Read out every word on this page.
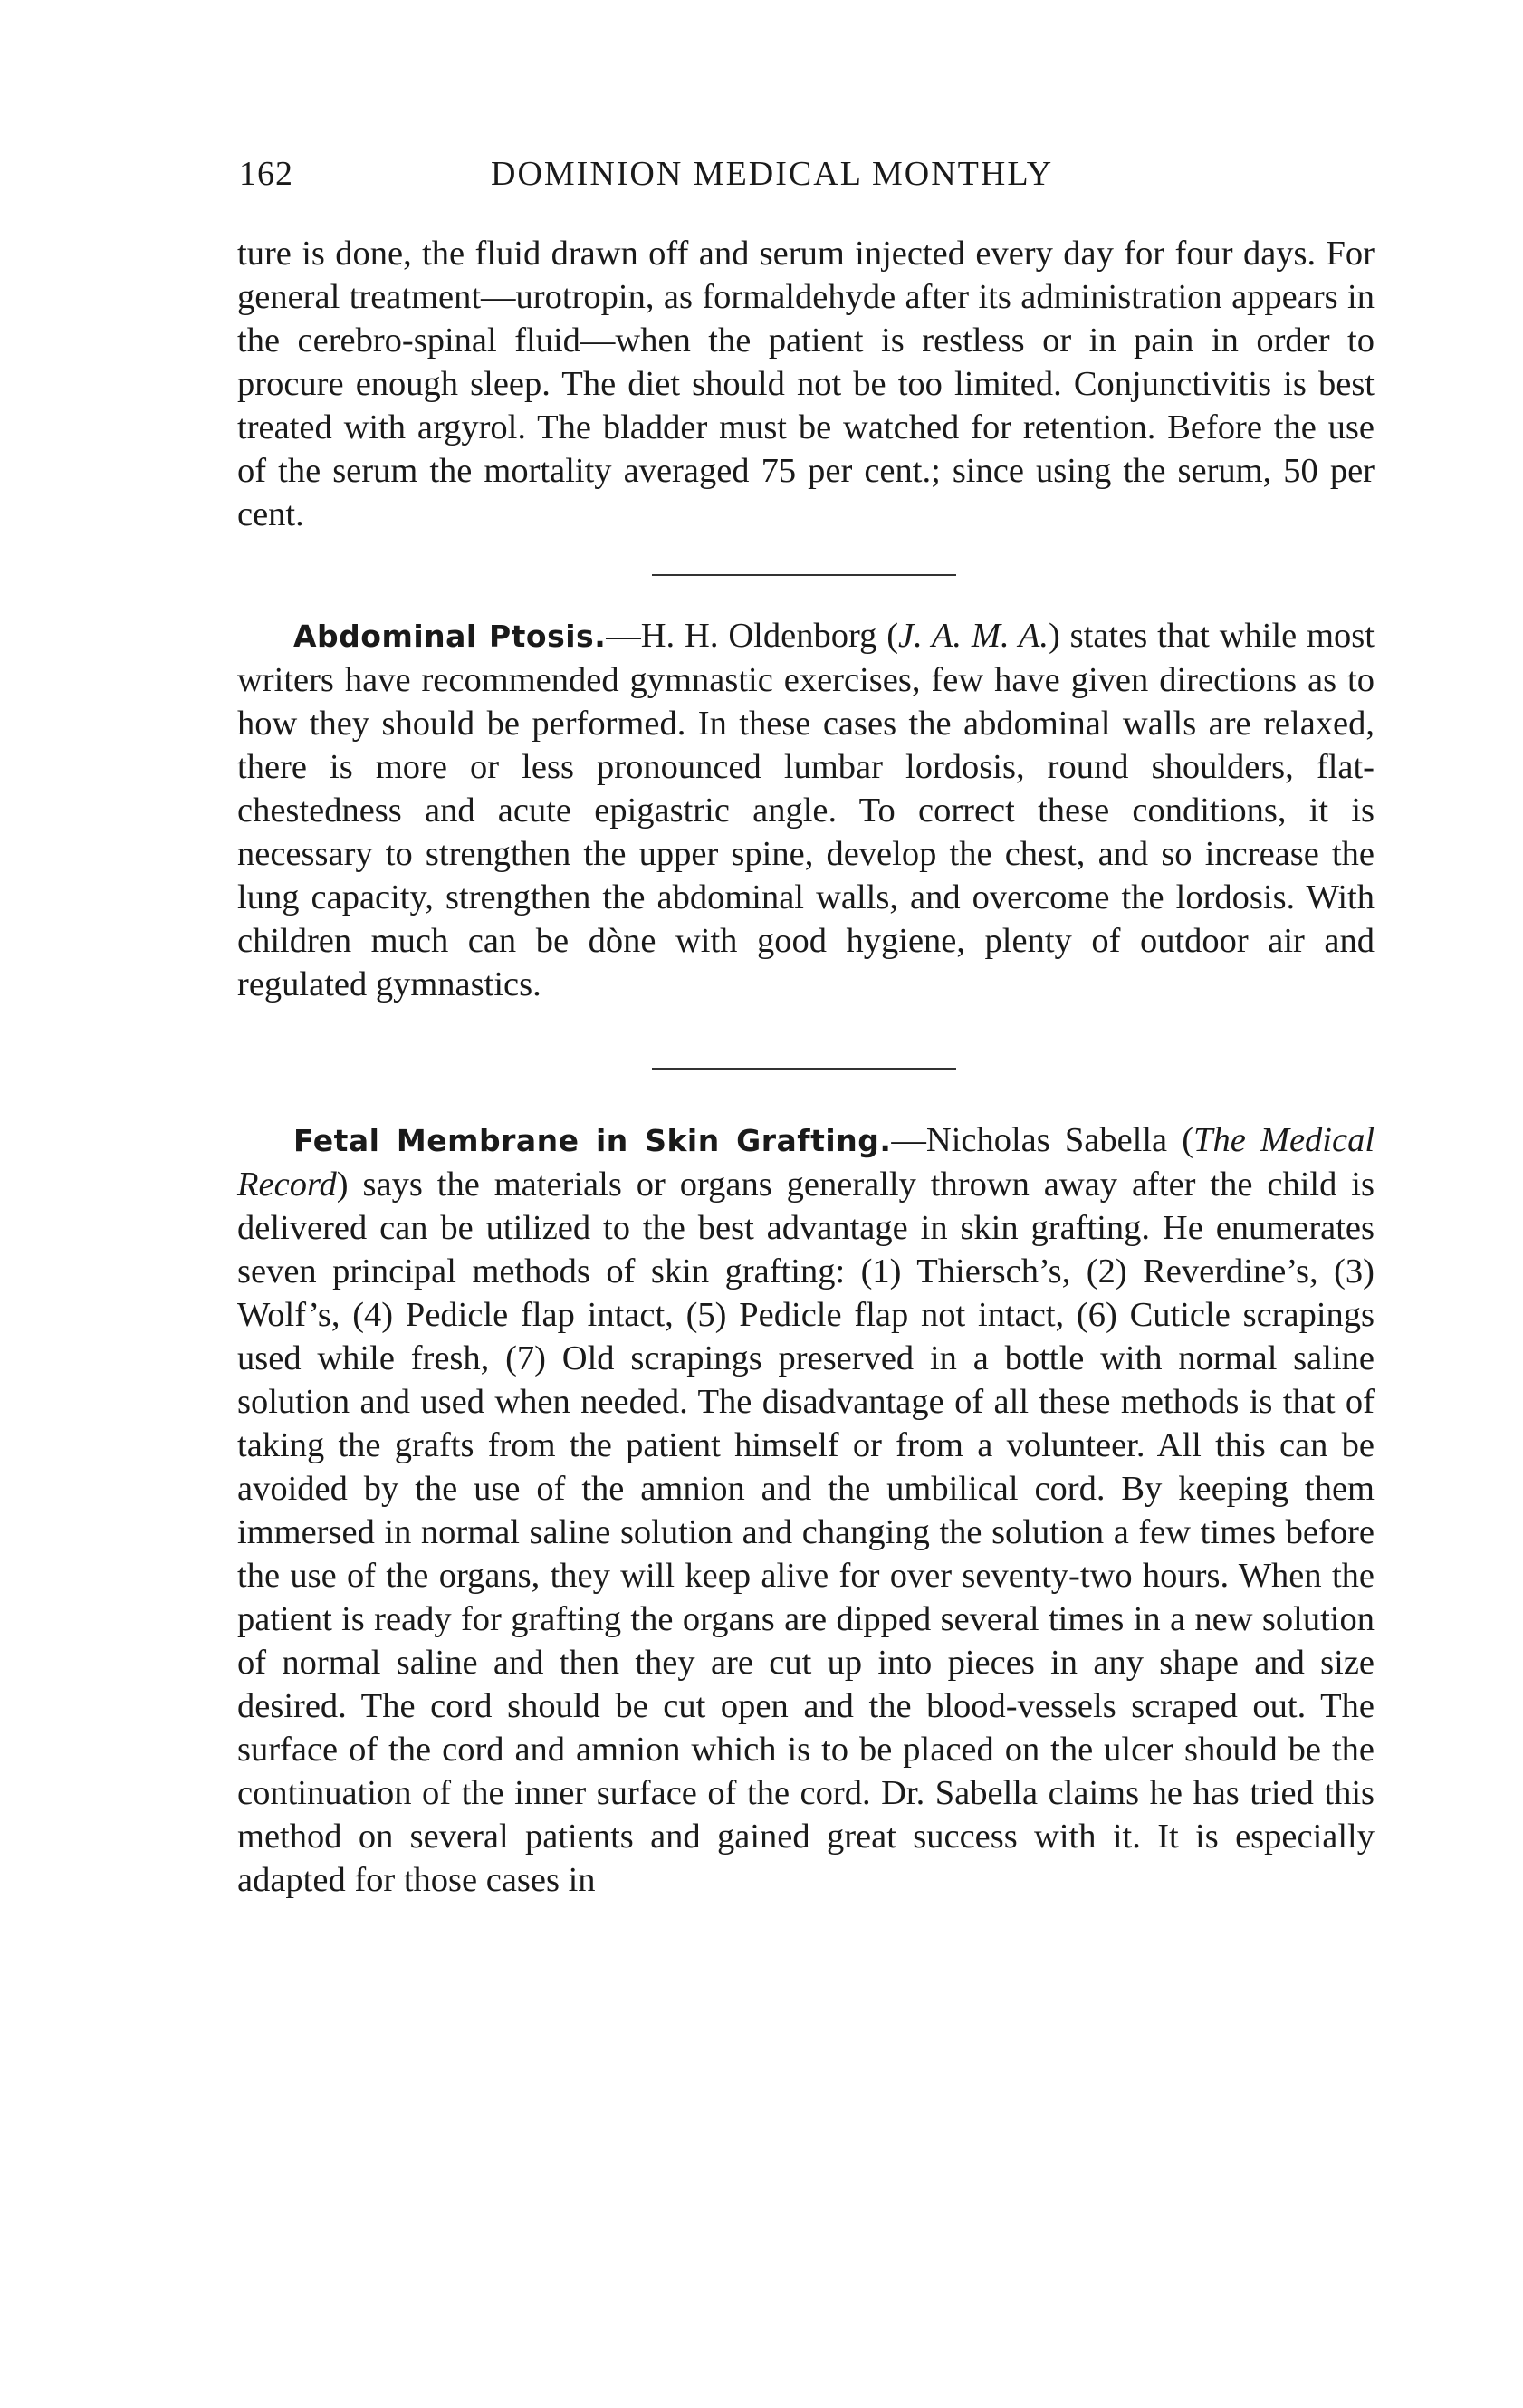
162	DOMINION MEDICAL MONTHLY

ture is done, the fluid drawn off and serum injected every day for four days. For general treatment—urotropin, as formaldehyde after its administration appears in the cerebro-spinal fluid—when the patient is restless or in pain in order to procure enough sleep. The diet should not be too limited. Conjunctivitis is best treated with argyrol. The bladder must be watched for retention. Before the use of the serum the mortality averaged 75 per cent.; since using the serum, 50 per cent.

Abdominal Ptosis.—H. H. Oldenborg (J. A. M. A.) states that while most writers have recommended gymnastic exercises, few have given directions as to how they should be performed. In these cases the abdominal walls are relaxed, there is more or less pronounced lumbar lordosis, round shoulders, flat-chestedness and acute epigastric angle. To correct these conditions, it is necessary to strengthen the upper spine, develop the chest, and so increase the lung capacity, strengthen the abdominal walls, and overcome the lordosis. With children much can be dòne with good hygiene, plenty of outdoor air and regulated gymnastics.

Fetal Membrane in Skin Grafting.—Nicholas Sabella (The Medical Record) says the materials or organs generally thrown away after the child is delivered can be utilized to the best advantage in skin grafting. He enumerates seven principal methods of skin grafting: (1) Thiersch’s, (2) Reverdine’s, (3) Wolf’s, (4) Pedicle flap intact, (5) Pedicle flap not intact, (6) Cuticle scrapings used while fresh, (7) Old scrapings preserved in a bottle with normal saline solution and used when needed. The disadvantage of all these methods is that of taking the grafts from the patient himself or from a volunteer. All this can be avoided by the use of the amnion and the umbilical cord. By keeping them immersed in normal saline solution and changing the solution a few times before the use of the organs, they will keep alive for over seventy-two hours. When the patient is ready for grafting the organs are dipped several times in a new solution of normal saline and then they are cut up into pieces in any shape and size desired. The cord should be cut open and the blood-vessels scraped out. The surface of the cord and amnion which is to be placed on the ulcer should be the continuation of the inner surface of the cord. Dr. Sabella claims he has tried this method on several patients and gained great success with it. It is especially adapted for those cases in
